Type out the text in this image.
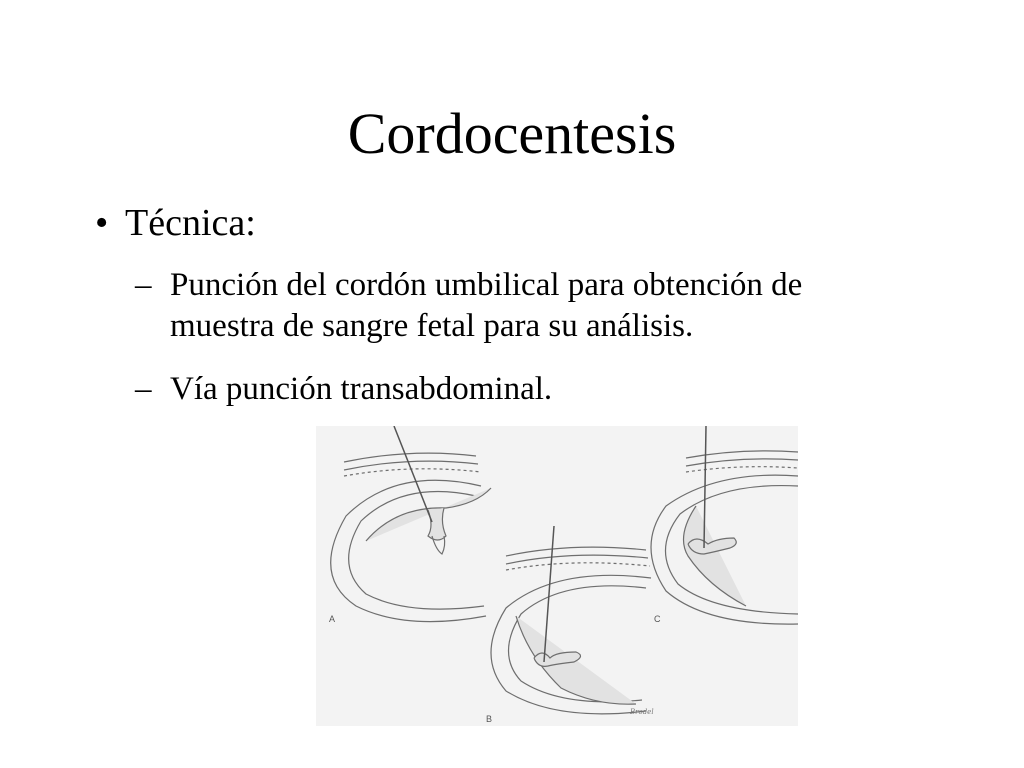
Cordocentesis
• Técnica:
– Punción del cordón umbilical para obtención de
muestra de sangre fetal para su análisis.
– Vía punción transabdominal.
A
B
C
Brodel
